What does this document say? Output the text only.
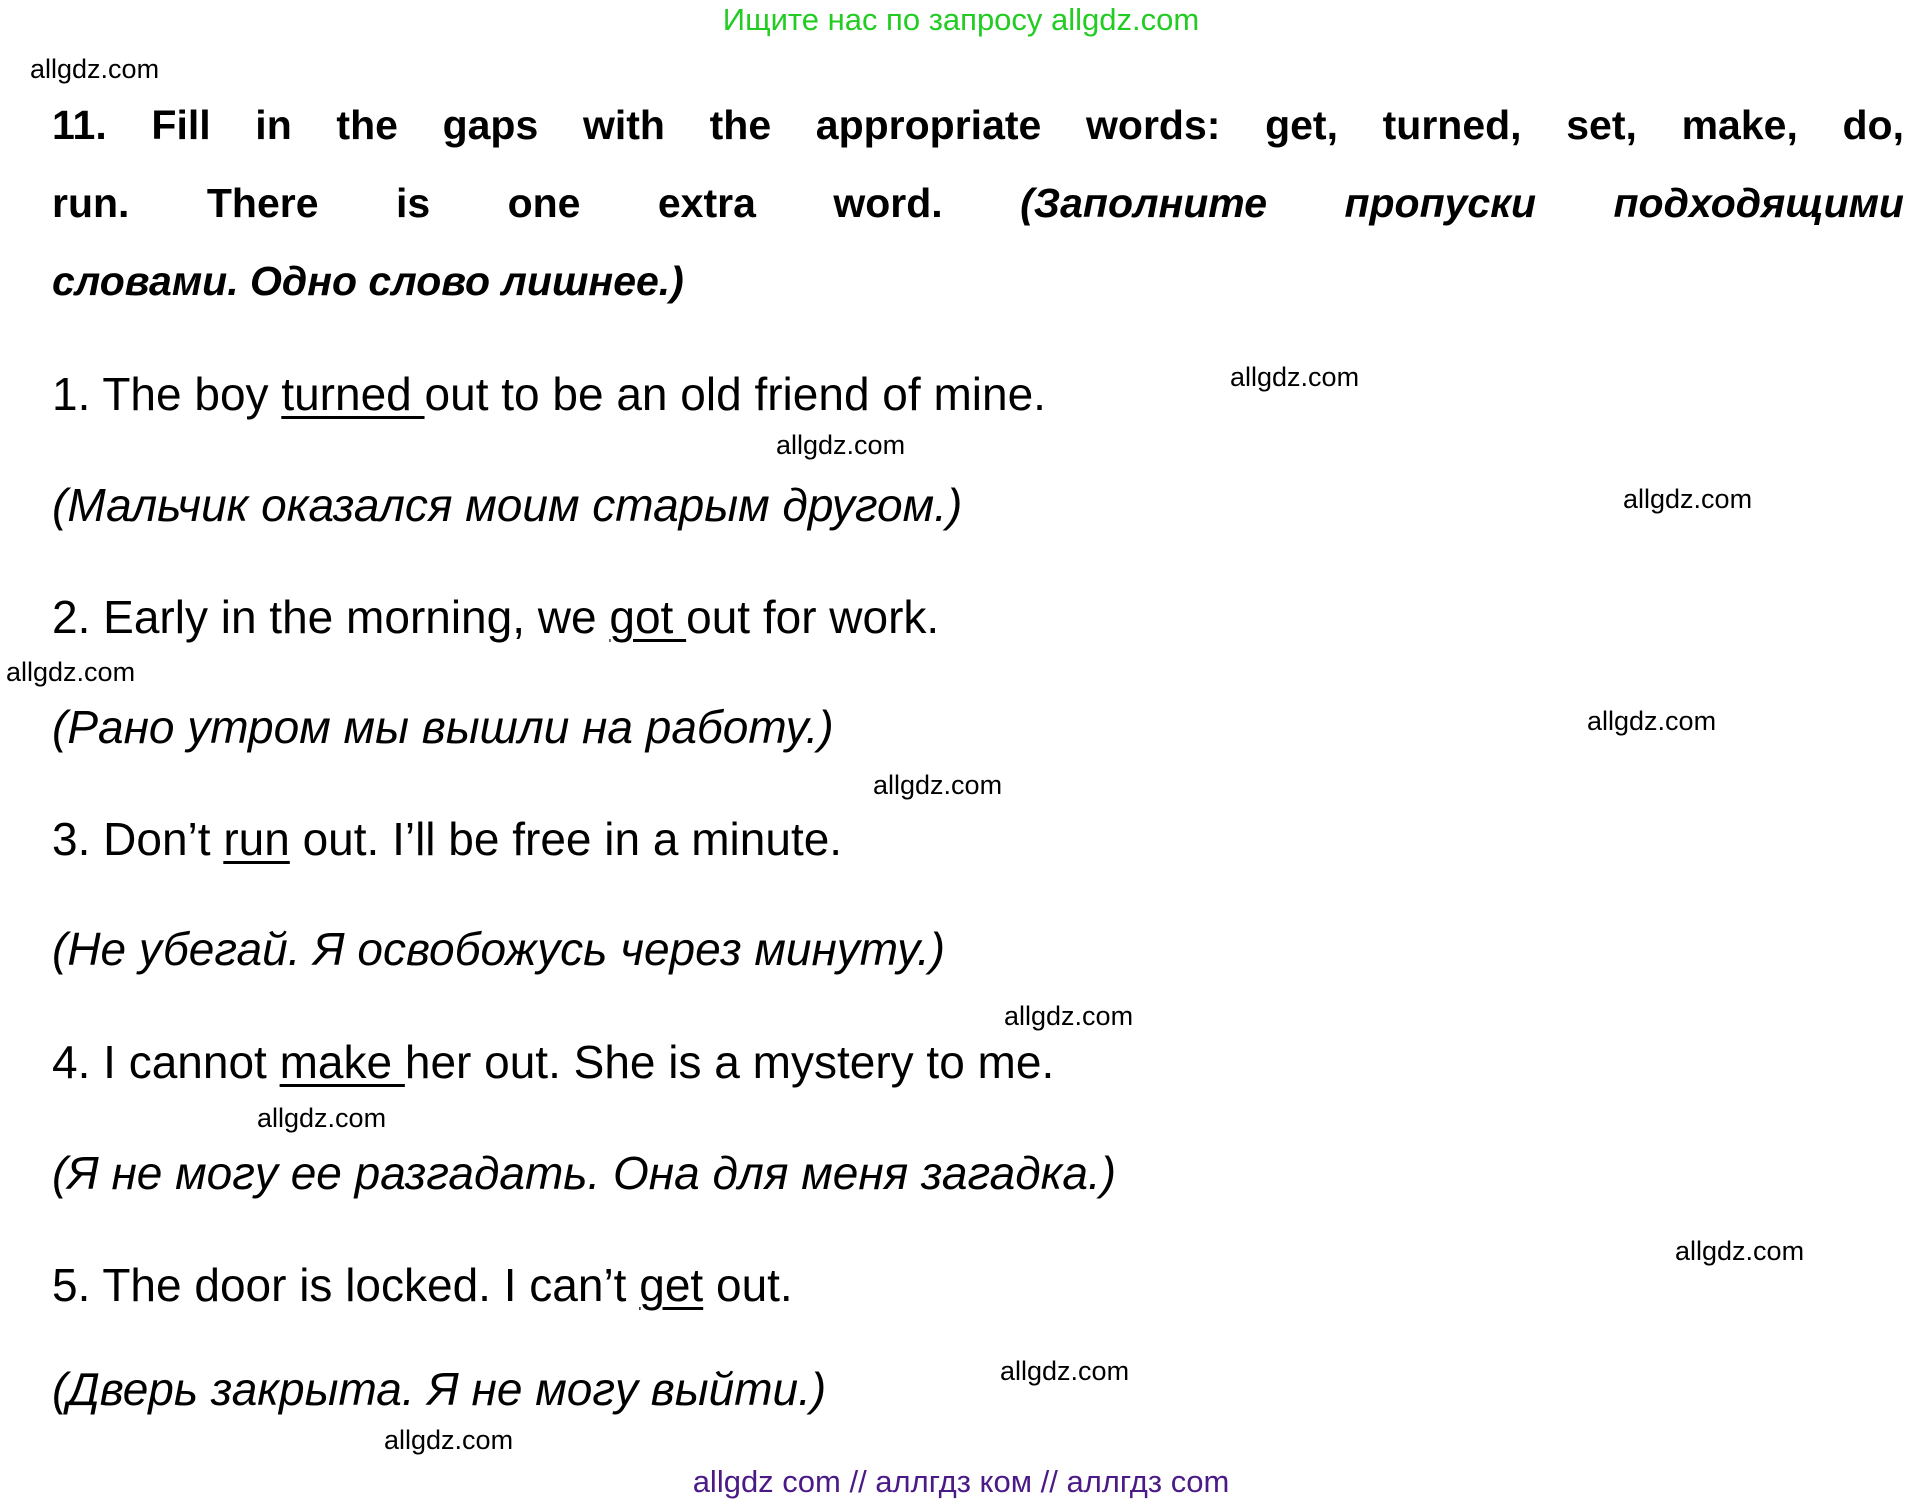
Ищите нас по запросу allgdz.com
11. Fill in the gaps with the appropriate words: get, turned, set, make, do,
run. There is one extra word. (Заполните пропуски подходящими
словами. Одно слово лишнее.)
1. The boy turned out to be an old friend of mine.
(Мальчик оказался моим старым другом.)
2. Early in the morning, we got out for work.
(Рано утром мы вышли на работу.)
3. Don’t run out. I’ll be free in a minute.
(Не убегай. Я освобожусь через минуту.)
4. I cannot make her out. She is a mystery to me.
(Я не могу ее разгадать. Она для меня загадка.)
5. The door is locked. I can’t get out.
(Дверь закрыта. Я не могу выйти.)
allgdz.com
allgdz.com
allgdz.com
allgdz.com
allgdz.com
allgdz.com
allgdz.com
allgdz.com
allgdz.com
allgdz.com
allgdz.com
allgdz.com
allgdz com // аллгдз ком // аллгдз com
